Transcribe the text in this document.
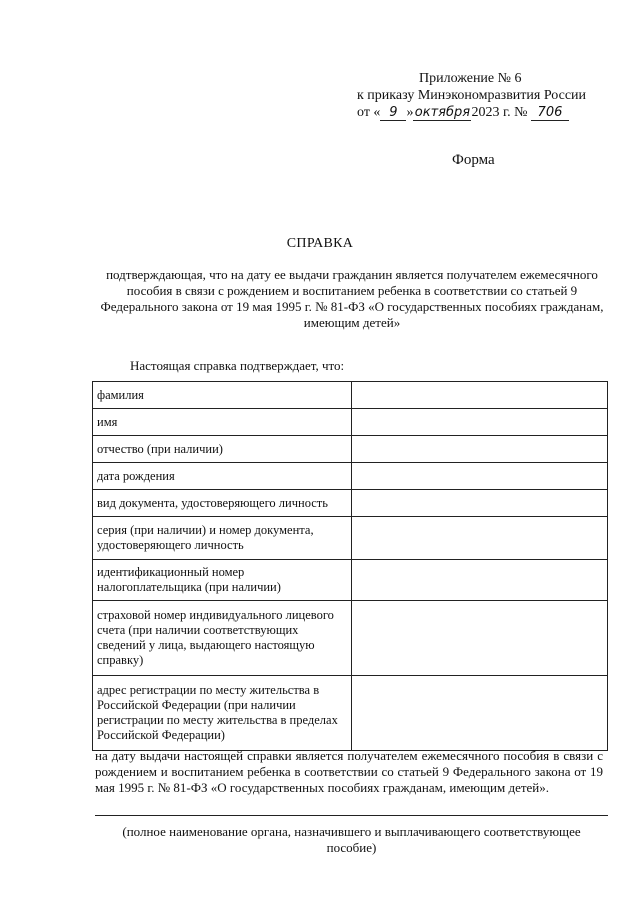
Приложение № 6
к приказу Минэкономразвития России
от « 9 »октября2023 г. № 706
Форма
СПРАВКА
подтверждающая, что на дату ее выдачи гражданин является получателем ежемесячного пособия в связи с рождением и воспитанием ребенка в соответствии со статьей 9 Федерального закона от 19 мая 1995 г. № 81-ФЗ «О государственных пособиях гражданам, имеющим детей»
Настоящая справка подтверждает, что:
фамилия	
имя	
отчество (при наличии)	
дата рождения	
вид документа, удостоверяющего личность	
серия (при наличии) и номер документа, удостоверяющего личность	
идентификационный номер налогоплательщика (при наличии)	
страховой номер индивидуального лицевого счета (при наличии соответствующих сведений у лица, выдающего настоящую справку)	
адрес регистрации по месту жительства в Российской Федерации (при наличии регистрации по месту жительства в пределах Российской Федерации)	
на дату выдачи настоящей справки является получателем ежемесячного пособия в связи с рождением и воспитанием ребенка в соответствии со статьей 9 Федерального закона от 19 мая 1995 г. № 81-ФЗ «О государственных пособиях гражданам, имеющим детей».
(полное наименование органа, назначившего и выплачивающего соответствующее пособие)
